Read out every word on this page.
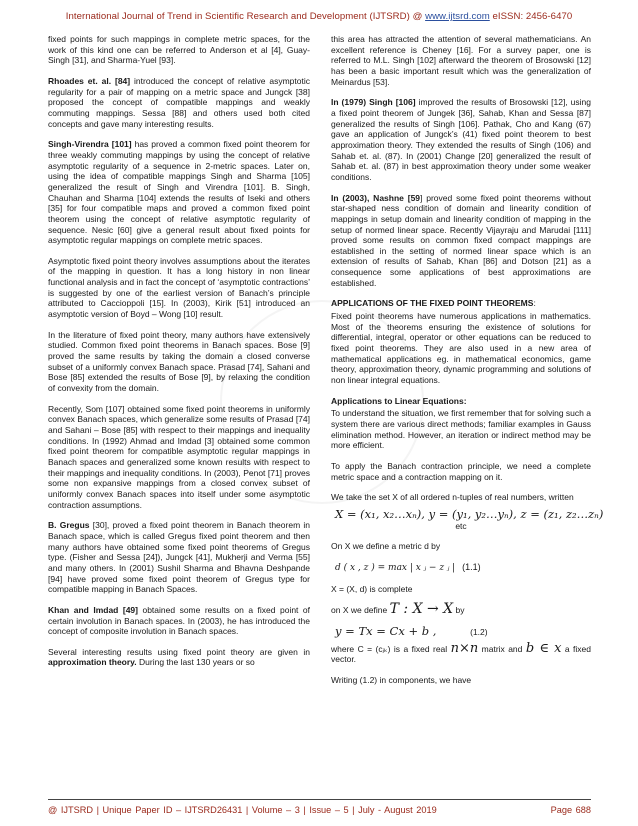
International Journal of Trend in Scientific Research and Development (IJTSRD) @ www.ijtsrd.com eISSN: 2456-6470

fixed points for such mappings in complete metric spaces, for the work of this kind one can be referred to Anderson et al [4], Guay-Singh [31], and Sharma-Yuel [93].

Rhoades et. al. [84] introduced the concept of relative asymptotic regularity for a pair of mapping on a metric space and Jungck [38] proposed the concept of compatible mappings and weakly commuting mappings. Sessa [88] and others used both cited concepts and gave many interesting results.

Singh-Virendra [101] has proved a common fixed point theorem for three weakly commuting mappings by using the concept of relative asymptotic regularity of a sequence in 2-metric spaces. Later on, using the idea of compatible mappings Singh and Sharma [105] generalized the result of Singh and Virendra [101]. B. Singh, Chauhan and Sharma [104] extends the results of Iseki and others [35] for four compatible maps and proved a common fixed point theorem using the concept of relative asymptotic regularity of sequence. Nesic [60] give a general result about fixed points for asymptotic regular mappings on complete metric spaces.

Asymptotic fixed point theory involves assumptions about the iterates of the mapping in question. It has a long history in non linear functional analysis and in fact the concept of ‘asymptotic contractions’ is suggested by one of the earliest version of Banach’s principle attributed to Caccioppoli [15]. In (2003), Kirik [51] introduced an asymptotic version of Boyd – Wong [10] result.

In the literature of fixed point theory, many authors have extensively studied. Common fixed point theorems in Banach spaces. Bose [9] proved the same results by taking the domain a closed converse subset of a uniformly convex Banach space. Prasad [74], Sahani and Bose [85] extended the results of Bose [9], by relaxing the condition of convexity from the domain.

Recently, Som [107] obtained some fixed point theorems in uniformly convex Banach spaces, which generalize some results of Prasad [74] and Sahani – Bose [85] with respect to their mappings and inequality conditions. In (1992) Ahmad and Imdad [3] obtained some common fixed point theorem for compatible asymptotic regular mappings in Banach spaces and generalized some known results with respect to their mappings and inequality conditions. In (2003), Penot [71] proves some non expansive mappings from a closed convex subset of uniformly convex Banach spaces into itself under some asymptotic contraction assumptions.

B. Gregus [30], proved a fixed point theorem in Banach theorem in Banach space, which is called Gregus fixed point theorem and then many authors have obtained some fixed point theorems of Gregus type. (Fisher and Sessa [24]), Jungck [41], Mukherji and Verma [55] and many others. In (2001) Sushil Sharma and Bhavna Deshpande [94] have proved some fixed point theorem of Gregus type for compatible mapping in Banach Spaces.

Khan and Imdad [49] obtained some results on a fixed point of certain involution in Banach spaces. In (2003), he has introduced the concept of composite involution in Banach spaces.

Several interesting results using fixed point theory are given in approximation theory. During the last 130 years or so

this area has attracted the attention of several mathematicians. An excellent reference is Cheney [16]. For a survey paper, one is referred to M.L. Singh [102] afterward the theorem of Brosowski [12] has been a basic important result which was the generalization of Meinardus [53].

In (1979) Singh [106] improved the results of Brosowski [12], using a fixed point theorem of Jungek [36], Sahab, Khan and Sessa [87] generalized the results of Singh [106]. Pathak, Cho and Kang (67) gave an application of Jungck’s (41) fixed point theorem to best approximation theory. They extended the results of Singh (106) and Sahab et. al. (87). In (2001) Change [20] generalized the result of Sahab et. al. (87) in best approximation theory under some weaker conditions.

In (2003), Nashne [59] proved some fixed point theorems without star-shaped ness condition of domain and linearity condition of mappings in setup domain and linearity condition of mapping in the setup of normed linear space. Recently Vijayraju and Marudai [111] proved some results on common fixed compact mappings are established in the setting of normed linear space which is an extension of results of Sahab, Khan [86] and Dotson [21] as a consequence some applications of best approximations are established.

APPLICATIONS OF THE FIXED POINT THEOREMS:

Fixed point theorems have numerous applications in mathematics. Most of the theorems ensuring the existence of solutions for differential, integral, operator or other equations can be reduced to fixed point theorems. They are also used in a new area of mathematical applications eg. in mathematical economics, game theory, approximation theory, dynamic programming and solutions of non linear integral equations.

Applications to Linear Equations:

To understand the situation, we first remember that for solving such a system there are various direct methods; familiar examples in Gauss elimination method. However, an iteration or indirect method may be more efficient.

To apply the Banach contraction principle, we need a complete metric space and a contraction mapping on it.

We take the set X of all ordered n-tuples of real numbers, written

X = (x₁, x₂…xₙ), y = (y₁, y₂…yₙ), z = (z₁, z₂…zₙ)
etc

On X we define a metric d by

d ( x , z ) = max | x ⱼ − z ⱼ | (1.1)

X = (X, d) is complete

on X we define T : X → X by

y = Tx = Cx + b ,	(1.2)

where C = (cⱼₖ) is a fixed real n×n matrix and b ∈ x a fixed vector.

Writing (1.2) in components, we have

@ IJTSRD | Unique Paper ID – IJTSRD26431 | Volume – 3 | Issue – 5 | July - August 2019	Page 688
